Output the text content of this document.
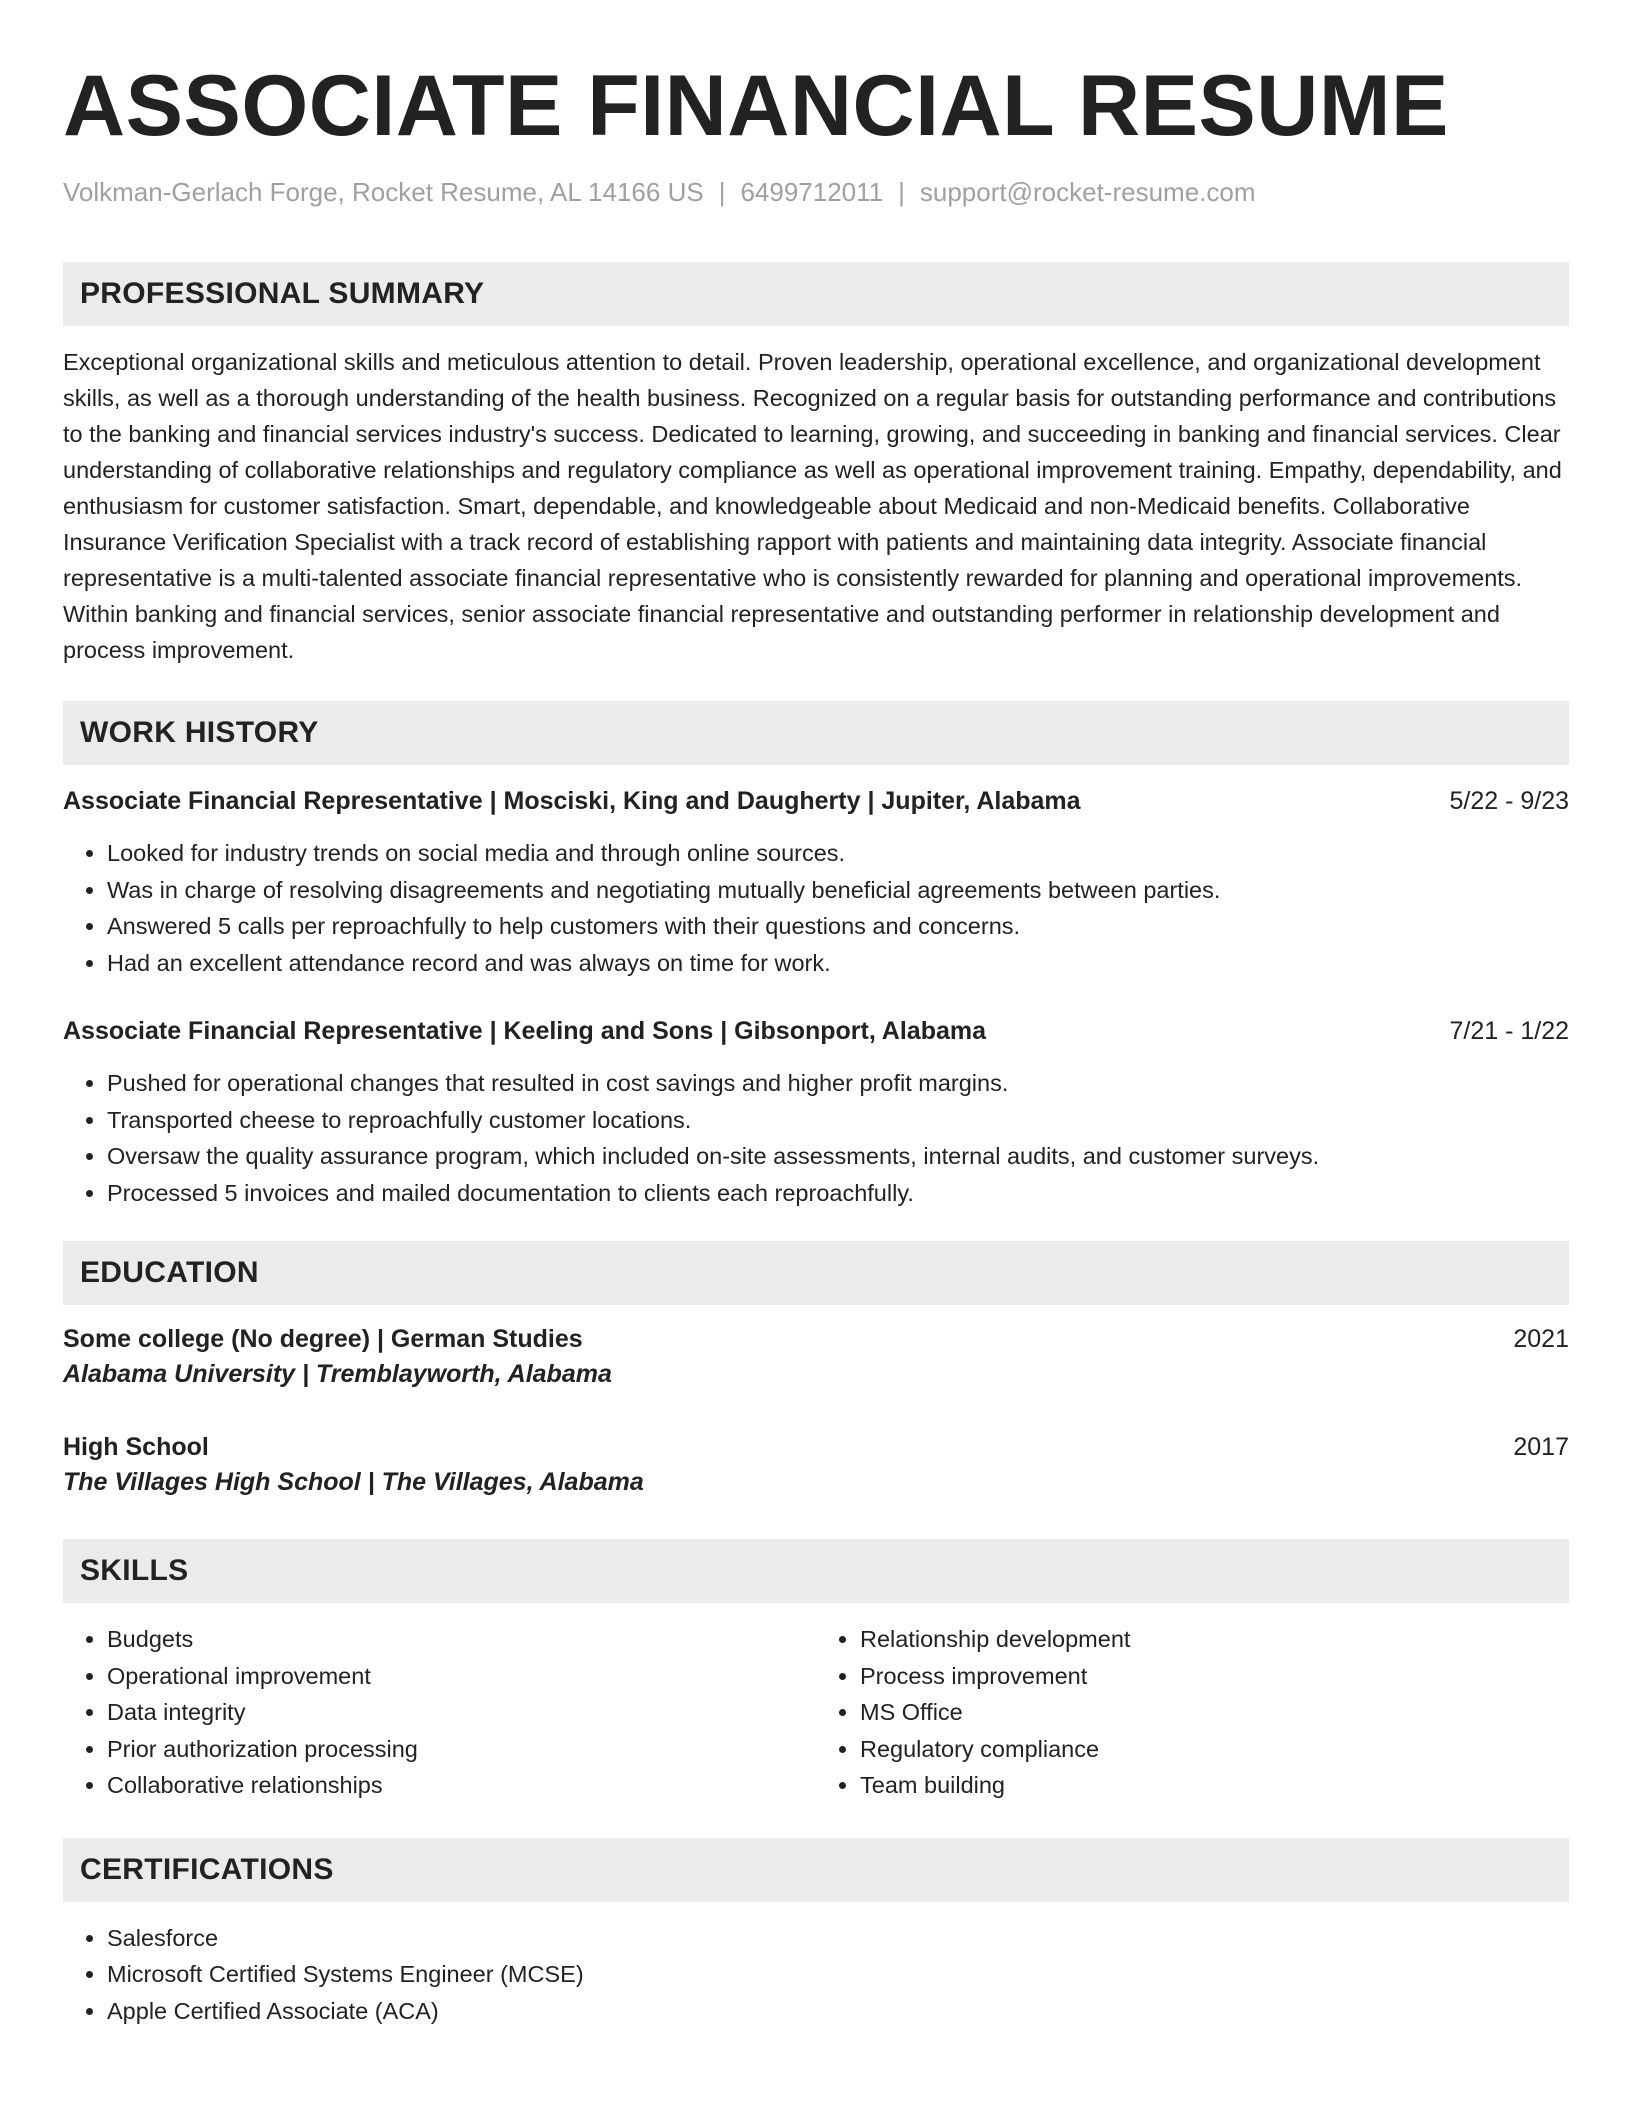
ASSOCIATE FINANCIAL RESUME
Volkman-Gerlach Forge, Rocket Resume, AL 14166 US | 6499712011 | support@rocket-resume.com
PROFESSIONAL SUMMARY
Exceptional organizational skills and meticulous attention to detail. Proven leadership, operational excellence, and organizational development skills, as well as a thorough understanding of the health business. Recognized on a regular basis for outstanding performance and contributions to the banking and financial services industry's success. Dedicated to learning, growing, and succeeding in banking and financial services. Clear understanding of collaborative relationships and regulatory compliance as well as operational improvement training. Empathy, dependability, and enthusiasm for customer satisfaction. Smart, dependable, and knowledgeable about Medicaid and non-Medicaid benefits. Collaborative Insurance Verification Specialist with a track record of establishing rapport with patients and maintaining data integrity. Associate financial representative is a multi-talented associate financial representative who is consistently rewarded for planning and operational improvements. Within banking and financial services, senior associate financial representative and outstanding performer in relationship development and process improvement.
WORK HISTORY
Associate Financial Representative | Mosciski, King and Daugherty | Jupiter, Alabama	5/22 - 9/23
• Looked for industry trends on social media and through online sources.
• Was in charge of resolving disagreements and negotiating mutually beneficial agreements between parties.
• Answered 5 calls per reproachfully to help customers with their questions and concerns.
• Had an excellent attendance record and was always on time for work.
Associate Financial Representative | Keeling and Sons | Gibsonport, Alabama	7/21 - 1/22
• Pushed for operational changes that resulted in cost savings and higher profit margins.
• Transported cheese to reproachfully customer locations.
• Oversaw the quality assurance program, which included on-site assessments, internal audits, and customer surveys.
• Processed 5 invoices and mailed documentation to clients each reproachfully.
EDUCATION
Some college (No degree) | German Studies	2021
Alabama University | Tremblayworth, Alabama
High School	2017
The Villages High School | The Villages, Alabama
SKILLS
• Budgets
• Operational improvement
• Data integrity
• Prior authorization processing
• Collaborative relationships
• Relationship development
• Process improvement
• MS Office
• Regulatory compliance
• Team building
CERTIFICATIONS
• Salesforce
• Microsoft Certified Systems Engineer (MCSE)
• Apple Certified Associate (ACA)
